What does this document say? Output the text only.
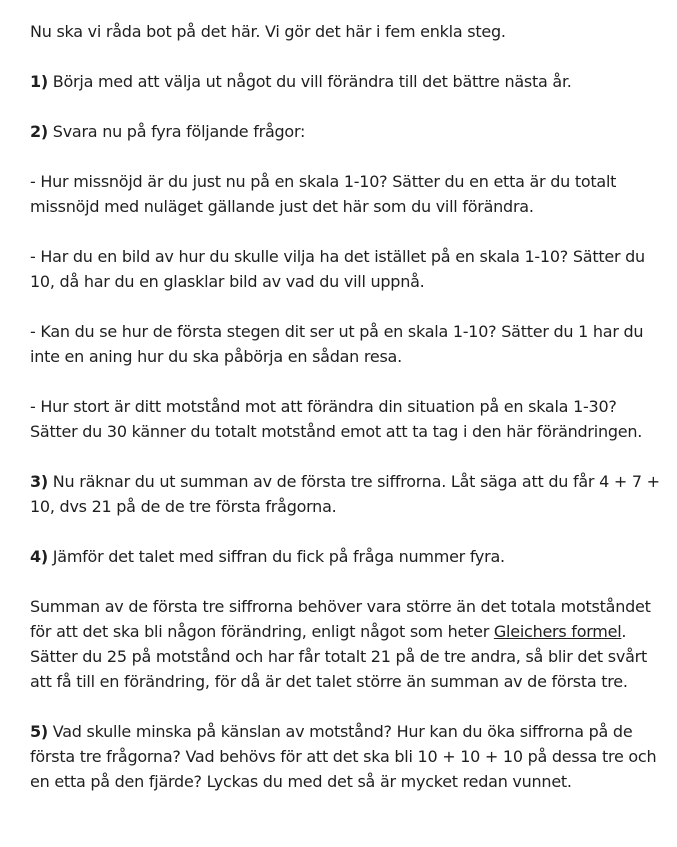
Nu ska vi råda bot på det här. Vi gör det här i fem enkla steg.

1) Börja med att välja ut något du vill förändra till det bättre nästa år.

2) Svara nu på fyra följande frågor:

- Hur missnöjd är du just nu på en skala 1-10? Sätter du en etta är du totalt missnöjd med nuläget gällande just det här som du vill förändra.

- Har du en bild av hur du skulle vilja ha det istället på en skala 1-10? Sätter du 10, då har du en glasklar bild av vad du vill uppnå.

- Kan du se hur de första stegen dit ser ut på en skala 1-10? Sätter du 1 har du inte en aning hur du ska påbörja en sådan resa.

- Hur stort är ditt motstånd mot att förändra din situation på en skala 1-30? Sätter du 30 känner du totalt motstånd emot att ta tag i den här förändringen.

3) Nu räknar du ut summan av de första tre siffrorna. Låt säga att du får 4 + 7 + 10, dvs 21 på de de tre första frågorna.

4) Jämför det talet med siffran du fick på fråga nummer fyra.

Summan av de första tre siffrorna behöver vara större än det totala motståndet för att det ska bli någon förändring, enligt något som heter Gleichers formel. Sätter du 25 på motstånd och har får totalt 21 på de tre andra, så blir det svårt att få till en förändring, för då är det talet större än summan av de första tre.

5) Vad skulle minska på känslan av motstånd? Hur kan du öka siffrorna på de första tre frågorna? Vad behövs för att det ska bli 10 + 10 + 10 på dessa tre och en etta på den fjärde? Lyckas du med det så är mycket redan vunnet.
